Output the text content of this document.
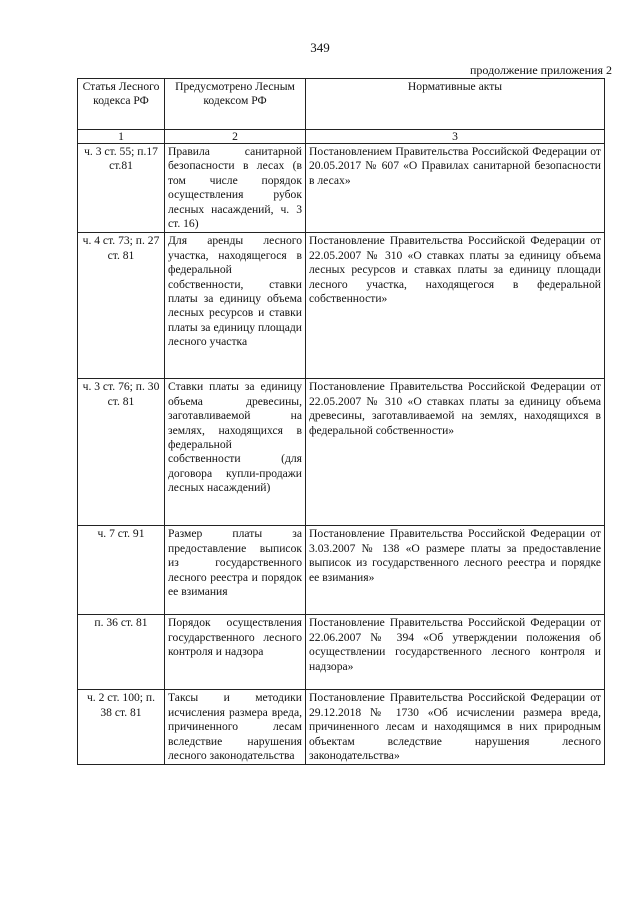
349
продолжение приложения 2
Статья Лесного кодекса РФ	Предусмотрено Лесным кодексом РФ	Нормативные акты
1	2	3
ч. 3 ст. 55; п.17 ст.81	Правила санитарной безопасности в лесах (в том числе порядок осуществления рубок лесных насаждений, ч. 3 ст. 16)	Постановлением Правительства Российской Федерации от 20.05.2017 № 607 «О Правилах санитарной безопасности в лесах»
ч. 4 ст. 73; п. 27 ст. 81	Для аренды лесного участка, находящегося в федеральной собственности, ставки платы за единицу объема лесных ресурсов и ставки платы за единицу площади лесного участка	Постановление Правительства Российской Федерации от 22.05.2007 № 310 «О ставках платы за единицу объема лесных ресурсов и ставках платы за единицу площади лесного участка, находящегося в федеральной собственности»
ч. 3 ст. 76; п. 30 ст. 81	Ставки платы за единицу объема древесины, заготавливаемой на землях, находящихся в федеральной собственности (для договора купли-продажи лесных насаждений)	Постановление Правительства Российской Федерации от 22.05.2007 № 310 «О ставках платы за единицу объема древесины, заготавливаемой на землях, находящихся в федеральной собственности»
ч. 7 ст. 91	Размер платы за предоставление выписок из государственного лесного реестра и порядок ее взимания	Постановление Правительства Российской Федерации от 3.03.2007 № 138 «О размере платы за предоставление выписок из государственного лесного реестра и порядке ее взимания»
п. 36 ст. 81	Порядок осуществления государственного лесного контроля и надзора	Постановление Правительства Российской Федерации от 22.06.2007 № 394 «Об утверждении положения об осуществлении государственного лесного контроля и надзора»
ч. 2 ст. 100; п. 38 ст. 81	Таксы и методики исчисления размера вреда, причиненного лесам вследствие нарушения лесного законодательства	Постановление Правительства Российской Федерации от 29.12.2018 № 1730 «Об исчислении размера вреда, причиненного лесам и находящимся в них природным объектам вследствие нарушения лесного законодательства»
